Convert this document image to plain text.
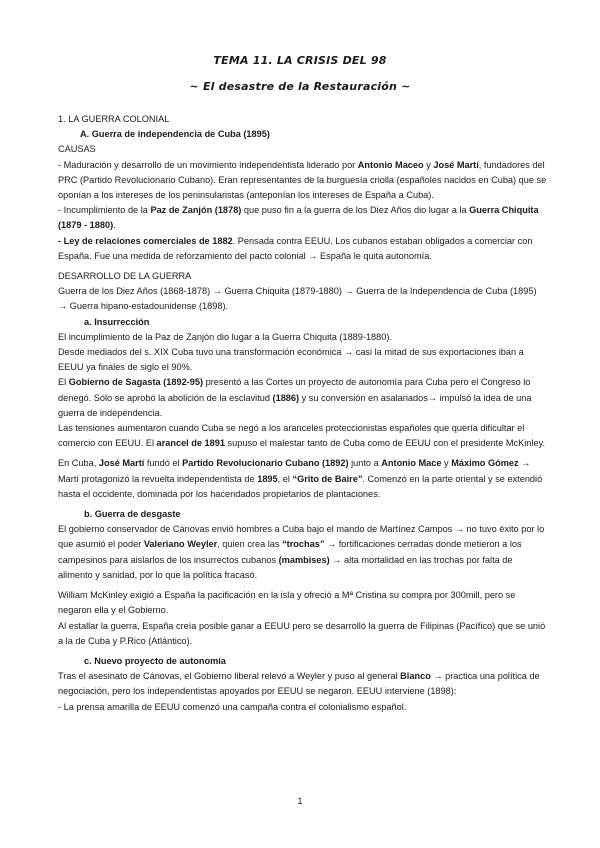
TEMA 11. LA CRISIS DEL 98
~ El desastre de la Restauración ~

1. LA GUERRA COLONIAL

A. Guerra de independencia de Cuba (1895)

CAUSAS

- Maduración y desarrollo de un movimiento independentista liderado por Antonio Maceo y José Martí, fundadores del PRC (Partido Revolucionario Cubano). Eran representantes de la burguesía criolla (españoles nacidos en Cuba) que se oponían a los intereses de los peninsularistas (anteponían los intereses de España a Cuba).

- Incumplimiento de la Paz de Zanjón (1878) que puso fin a la guerra de los Diez Años dio lugar a la Guerra Chiquita (1879 - 1880).

- Ley de relaciones comerciales de 1882. Pensada contra EEUU. Los cubanos estaban obligados a comerciar con España. Fue una medida de reforzamiento del pacto colonial → España le quita autonomía.

DESARROLLO DE LA GUERRA

Guerra de los Diez Años (1868-1878) → Guerra Chiquita (1879-1880) → Guerra de la Independencia de Cuba (1895) → Guerra hipano-estadounidense (1898).

a. Insurrección

El incumplimiento de la Paz de Zanjón dio lugar a la Guerra Chiquita (1889-1880).

Desde mediados del s. XIX Cuba tuvo una transformación económica → casi la mitad de sus exportaciones iban a EEUU ya finales de siglo el 90%.

El Gobierno de Sagasta (1892-95) presentó a las Cortes un proyecto de autonomía para Cuba pero el Congreso lo denegó. Sólo se aprobó la abolición de la esclavitud (1886) y su conversión en asalariados→ impulsó la idea de una guerra de independencia.

Las tensiones aumentaron cuando Cuba se negó a los aranceles proteccionistas españoles que quería dificultar el comercio con EEUU. El arancel de 1891 supuso el malestar tanto de Cuba como de EEUU con el presidente McKinley.

En Cuba, José Martí fundó el Partido Revolucionario Cubano (1892) junto a Antonio Mace y Máximo Gómez → Martí protagonizó la revuelta independentista de 1895, el “Grito de Baire”. Comenzó en la parte oriental y se extendió hasta el occidente, dominada por los hacendados propietarios de plantaciones.

b. Guerra de desgaste

El gobierno conservador de Cánovas envió hombres a Cuba bajo el mando de Martínez Campos → no tuvo éxito por lo que asumió el poder Valeriano Weyler, quien crea las “trochas” → fortificaciones cerradas donde metieron a los campesinos para aislarlos de los insurrectos cubanos (mambises) → alta mortalidad en las trochas por falta de alimento y sanidad, por lo que la política fracasó.

William McKinley exigió a España la pacificación en la isla y ofreció a Mª Cristina su compra por 300mill, pero se negaron ella y el Gobierno.

Al estallar la guerra, España creía posible ganar a EEUU pero se desarrolló la guerra de Filipinas (Pacífico) que se unió a la de Cuba y P.Rico (Atlántico).

c. Nuevo proyecto de autonomía

Tras el asesinato de Cánovas, el Gobierno liberal relevó a Weyler y puso al general Blanco → practica una política de negociación, pero los independentistas apoyados por EEUU se negaron. EEUU interviene (1898):

- La prensa amarilla de EEUU comenzó una campaña contra el colonialismo español.

1
